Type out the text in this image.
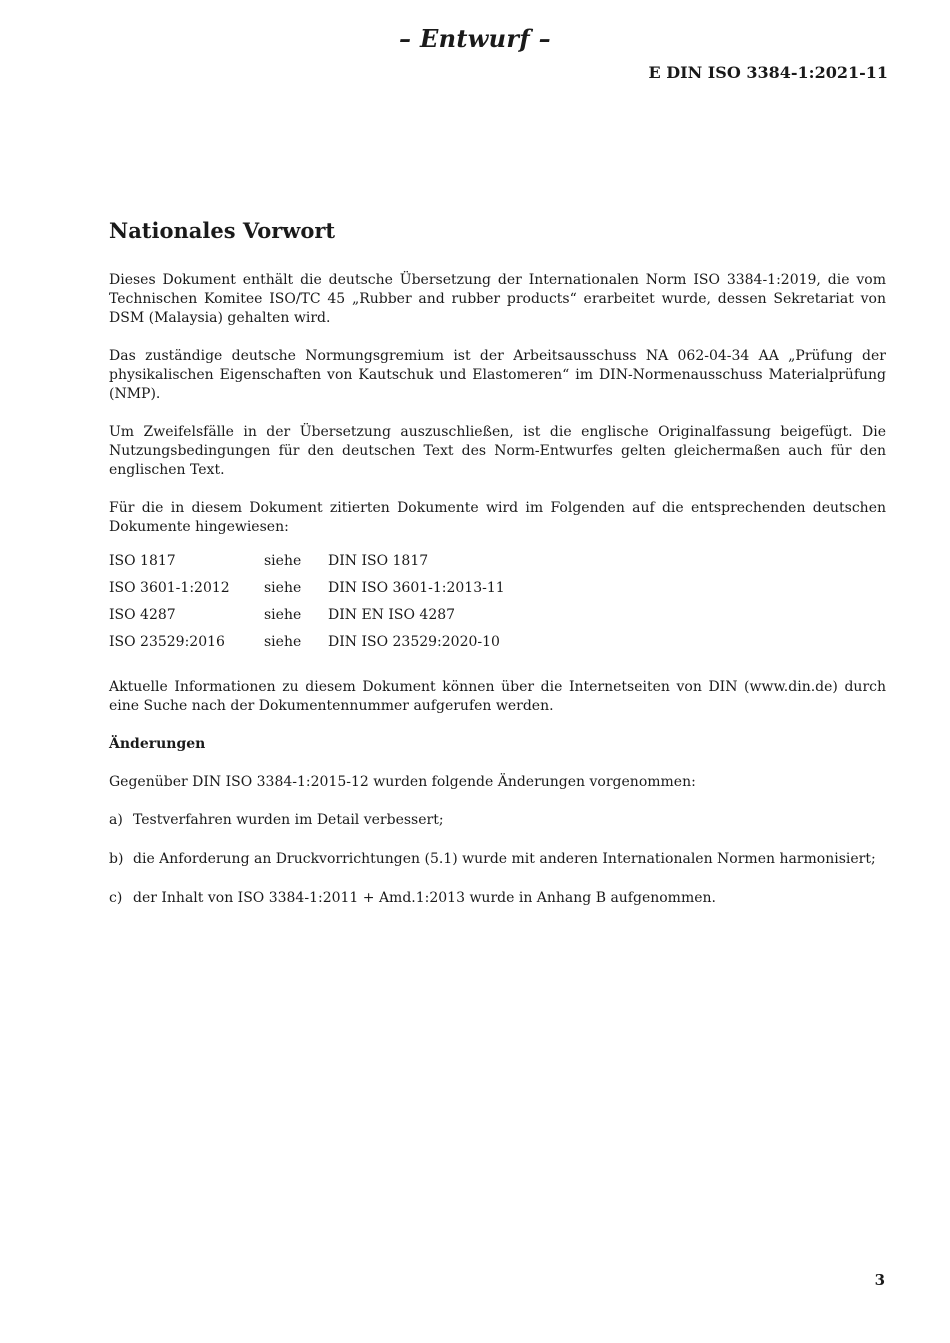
– Entwurf –
E DIN ISO 3384-1:2021-11
Nationales Vorwort

Dieses Dokument enthält die deutsche Übersetzung der Internationalen Norm ISO 3384-1:2019, die vom Technischen Komitee ISO/TC 45 „Rubber and rubber products“ erarbeitet wurde, dessen Sekretariat von DSM (Malaysia) gehalten wird.

Das zuständige deutsche Normungsgremium ist der Arbeitsausschuss NA 062-04-34 AA „Prüfung der physikalischen Eigenschaften von Kautschuk und Elastomeren“ im DIN-Normenausschuss Materialprüfung (NMP).

Um Zweifelsfälle in der Übersetzung auszuschließen, ist die englische Originalfassung beigefügt. Die Nutzungsbedingungen für den deutschen Text des Norm-Entwurfes gelten gleichermaßen auch für den englischen Text.

Für die in diesem Dokument zitierten Dokumente wird im Folgenden auf die entsprechenden deutschen Dokumente hingewiesen:

ISO 1817	siehe	DIN ISO 1817
ISO 3601-1:2012	siehe	DIN ISO 3601-1:2013-11
ISO 4287	siehe	DIN EN ISO 4287
ISO 23529:2016	siehe	DIN ISO 23529:2020-10

Aktuelle Informationen zu diesem Dokument können über die Internetseiten von DIN (www.din.de) durch eine Suche nach der Dokumentennummer aufgerufen werden.

Änderungen

Gegenüber DIN ISO 3384-1:2015-12 wurden folgende Änderungen vorgenommen:

a) Testverfahren wurden im Detail verbessert;
b) die Anforderung an Druckvorrichtungen (5.1) wurde mit anderen Internationalen Normen harmonisiert;
c) der Inhalt von ISO 3384-1:2011 + Amd.1:2013 wurde in Anhang B aufgenommen.
3
